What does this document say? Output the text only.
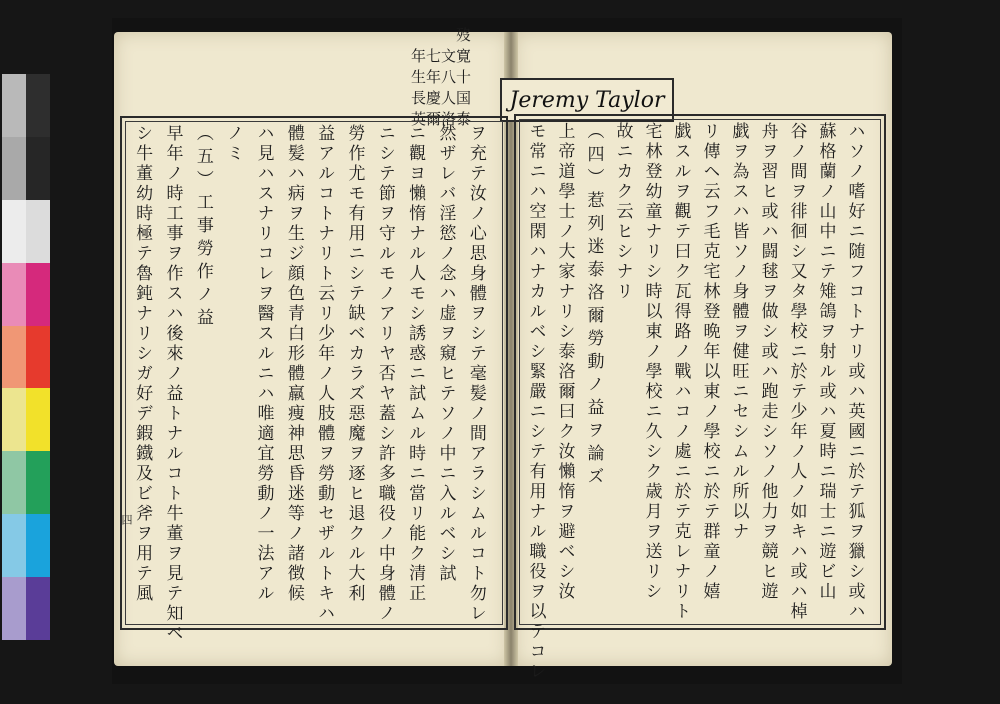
泰洛爾英
国人慶長
十八年生
寛文七年
歿
Jeremy Taylor
ハソノ嗜好ニ随フコトナリ或ハ英國ニ於テ狐ヲ獵シ或ハ
蘇格蘭ノ山中ニテ雉鴿ヲ射ル或ハ夏時ニ瑞士ニ遊ビ山
谷ノ間ヲ徘徊シ又タ學校ニ於テ少年ノ人ノ如キハ或ハ棹
舟ヲ習ヒ或ハ闘毬ヲ做シ或ハ跑走シソノ他力ヲ競ヒ遊
戯ヲ為スハ皆ソノ身體ヲ健旺ニセシムル所以ナ
リ傳ヘ云フ毛克宅林登晩年以東ノ學校ニ於テ群童ノ嬉
戯スルヲ觀テ曰ク瓦得路ノ戰ハコノ處ニ於テ克レナリト
宅林登幼童ナリシ時以東ノ學校ニ久シク歳月ヲ送リシ
故ニカク云ヒシナリ
（四）惹列迷泰洛爾勞動ノ益ヲ論ズ
上帝道學士ノ大家ナリシ泰洛爾曰ク汝懶惰ヲ避ベシ汝
モ常ニハ空閑ハナカルベシ緊嚴ニシテ有用ナル職役ヲ以テコレ
ヲ充テ汝ノ心思身體ヲシテ毫髪ノ間アラシムルコト勿レ
然ザレバ淫慾ノ念ハ虚ヲ窺ヒテソノ中ニ入ルベシ試
ニ觀ヨ懶惰ナル人モシ誘惑ニ試ムル時ニ當リ能ク清正
ニシテ節ヲ守ルモノアリヤ否ヤ蓋シ許多職役ノ中身體ノ
勞作尤モ有用ニシテ缺ベカラズ惡魔ヲ逐ヒ退クル大利
益アルコトナリト云リ少年ノ人肢體ヲ勞動セザルトキハ
體髪ハ病ヲ生ジ顔色青白形體羸痩神思昏迷等ノ諸徴候
ハ見ハスナリコレヲ醫スルニハ唯適宜勞動ノ一法アル
ノミ
（五）工事勞作ノ益
早年ノ時工事ヲ作スハ後來ノ益トナルコト牛董ヲ見テ知ベ
シ牛董幼時極テ魯鈍ナリシガ好デ鍜鐡及ビ斧ヲ用テ風
四
